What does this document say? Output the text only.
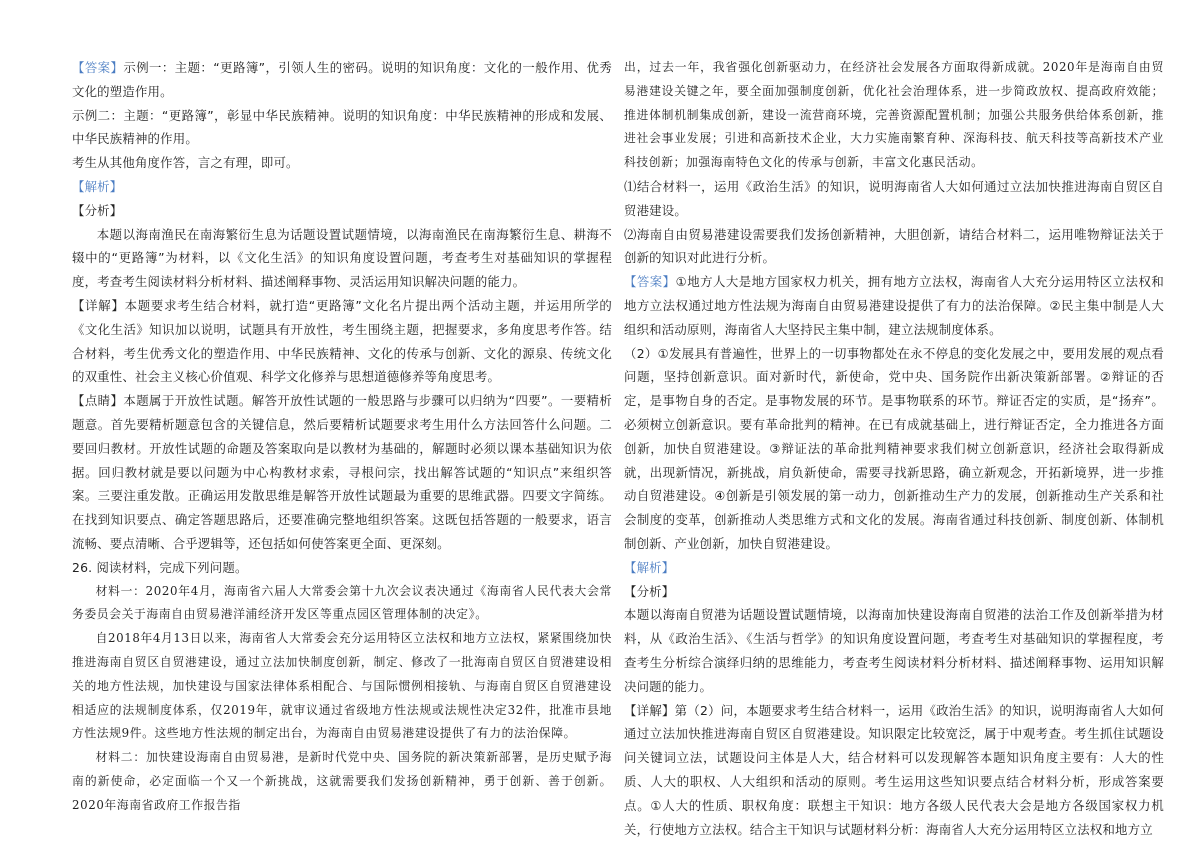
【答案】示例一：主题：“更路簿”，引领人生的密码。说明的知识角度：文化的一般作用、优秀文化的塑造作用。

示例二：主题：“更路簿”，彰显中华民族精神。说明的知识角度：中华民族精神的形成和发展、中华民族精神的作用。

考生从其他角度作答，言之有理，即可。

【解析】

【分析】

本题以海南渔民在南海繁衍生息为话题设置试题情境，以海南渔民在南海繁衍生息、耕海不辍中的“更路簿”为材料，以《文化生活》的知识角度设置问题，考查考生对基础知识的掌握程度，考查考生阅读材料分析材料、描述阐释事物、灵活运用知识解决问题的能力。

【详解】本题要求考生结合材料，就打造“更路簿”文化名片提出两个活动主题，并运用所学的《文化生活》知识加以说明，试题具有开放性，考生围绕主题，把握要求，多角度思考作答。结合材料，考生优秀文化的塑造作用、中华民族精神、文化的传承与创新、文化的源泉、传统文化的双重性、社会主义核心价值观、科学文化修养与思想道德修养等角度思考。

【点睛】本题属于开放性试题。解答开放性试题的一般思路与步骤可以归纳为“四要”。一要精析题意。首先要精析题意包含的关键信息，然后要精析试题要求考生用什么方法回答什么问题。二要回归教材。开放性试题的命题及答案取向是以教材为基础的，解题时必须以课本基础知识为依据。回归教材就是要以问题为中心构教材求索，寻根问宗，找出解答试题的“知识点”来组织答案。三要注重发散。正确运用发散思维是解答开放性试题最为重要的思维武器。四要文字简练。在找到知识要点、确定答题思路后，还要准确完整地组织答案。这既包括答题的一般要求，语言流畅、要点清晰、合乎逻辑等，还包括如何使答案更全面、更深刻。

26. 阅读材料，完成下列问题。

材料一：2020年4月，海南省六届人大常委会第十九次会议表决通过《海南省人民代表大会常务委员会关于海南自由贸易港洋浦经济开发区等重点园区管理体制的决定》。

自2018年4月13日以来，海南省人大常委会充分运用特区立法权和地方立法权，紧紧围绕加快推进海南自贸区自贸港建设，通过立法加快制度创新，制定、修改了一批海南自贸区自贸港建设相关的地方性法规，加快建设与国家法律体系相配合、与国际惯例相接轨、与海南自贸区自贸港建设相适应的法规制度体系，仅2019年，就审议通过省级地方性法规或法规性决定32件，批准市县地方性法规9件。这些地方性法规的制定出台，为海南自由贸易港建设提供了有力的法治保障。

材料二：加快建设海南自由贸易港，是新时代党中央、国务院的新决策新部署，是历史赋予海南的新使命，必定面临一个又一个新挑战，这就需要我们发扬创新精神，勇于创新、善于创新。2020年海南省政府工作报告指

出，过去一年，我省强化创新驱动力，在经济社会发展各方面取得新成就。2020年是海南自由贸易港建设关键之年，要全面加强制度创新，优化社会治理体系，进一步简政放权、提高政府效能；推进体制机制集成创新，建设一流营商环境，完善资源配置机制；加强公共服务供给体系创新，推进社会事业发展；引进和高新技术企业，大力实施南繁育种、深海科技、航天科技等高新技术产业科技创新；加强海南特色文化的传承与创新，丰富文化惠民活动。

⑴结合材料一，运用《政治生活》的知识，说明海南省人大如何通过立法加快推进海南自贸区自贸港建设。

⑵海南自由贸易港建设需要我们发扬创新精神，大胆创新，请结合材料二，运用唯物辩证法关于创新的知识对此进行分析。

【答案】①地方人大是地方国家权力机关，拥有地方立法权，海南省人大充分运用特区立法权和地方立法权通过地方性法规为海南自由贸易港建设提供了有力的法治保障。②民主集中制是人大组织和活动原则，海南省人大坚持民主集中制，建立法规制度体系。

（2）①发展具有普遍性，世界上的一切事物都处在永不停息的变化发展之中，要用发展的观点看问题，坚持创新意识。面对新时代，新使命，党中央、国务院作出新决策新部署。②辩证的否定，是事物自身的否定。是事物发展的环节。是事物联系的环节。辩证否定的实质，是“扬弃”。必须树立创新意识。要有革命批判的精神。在已有成就基础上，进行辩证否定，全力推进各方面创新，加快自贸港建设。③辩证法的革命批判精神要求我们树立创新意识，经济社会取得新成就，出现新情况，新挑战，肩负新使命，需要寻找新思路，确立新观念，开拓新境界，进一步推动自贸港建设。④创新是引领发展的第一动力，创新推动生产力的发展，创新推动生产关系和社会制度的变革，创新推动人类思维方式和文化的发展。海南省通过科技创新、制度创新、体制机制创新、产业创新，加快自贸港建设。

【解析】

【分析】

本题以海南自贸港为话题设置试题情境，以海南加快建设海南自贸港的法治工作及创新举措为材料，从《政治生活》、《生活与哲学》的知识角度设置问题，考查考生对基础知识的掌握程度，考查考生分析综合演绎归纳的思维能力，考查考生阅读材料分析材料、描述阐释事物、运用知识解决问题的能力。

【详解】第（2）问，本题要求考生结合材料一，运用《政治生活》的知识，说明海南省人大如何通过立法加快推进海南自贸区自贸港建设。知识限定比较宽泛，属于中观考查。考生抓住试题设问关键词立法，试题设问主体是人大，结合材料可以发现解答本题知识角度主要有：人大的性质、人大的职权、人大组织和活动的原则。考生运用这些知识要点结合材料分析，形成答案要点。①人大的性质、职权角度：联想主干知识：地方各级人民代表大会是地方各级国家权力机关，行使地方立法权。结合主干知识与试题材料分析：海南省人大充分运用特区立法权和地方立
